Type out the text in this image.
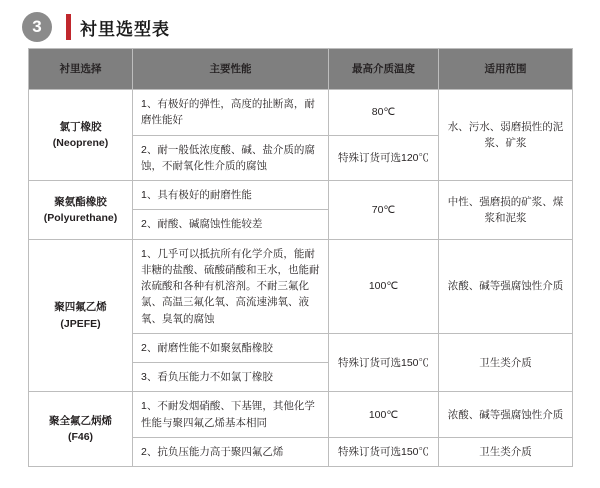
3	衬里选型表
衬里选择	主要性能	最高介质温度	适用范围

氯丁橡胶
(Neoprene)	1、有极好的弹性，高度的扯断离，耐磨性能好	80℃	水、污水、弱磨损性的泥浆、矿浆
	2、耐一般低浓度酸、碱、盐介质的腐蚀，不耐氧化性介质的腐蚀	特殊订货可选120℃	

聚氨酯橡胶
(Polyurethane)	1、具有极好的耐磨性能	70℃	中性、强磨损的矿浆、煤浆和泥浆
	2、耐酸、碱腐蚀性能较差		

聚四氟乙烯
(JPEFE)	1、几乎可以抵抗所有化学介质，能耐非糖的盐酸、硫酸硝酸和王水，也能耐浓硫酸和各种有机溶剂。不耐三氟化氯、高温三氟化氧、高流速沸氧、液氧、臭氧的腐蚀	100℃	浓酸、碱等强腐蚀性介质
	2、耐磨性能不如聚氨酯橡胶	特殊订货可选150℃	卫生类介质
	3、看负压能力不如氯丁橡胶		

聚全氟乙炳烯
(F46)	1、不耐发烟硝酸、下基锂，其他化学性能与聚四氟乙烯基本相同	100℃	浓酸、碱等强腐蚀性介质
	2、抗负压能力高于聚四氟乙烯	特殊订货可选150℃	卫生类介质
